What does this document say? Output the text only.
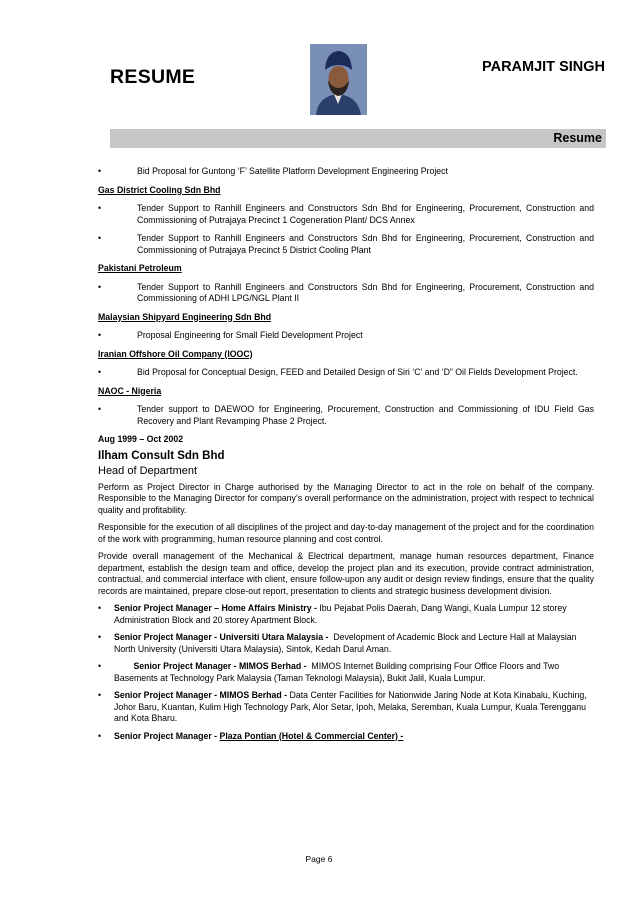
RESUME	PARAMJIT SINGH
Resume
•	Bid Proposal for Guntong ‘F’ Satellite Platform Development Engineering Project
Gas District Cooling Sdn Bhd
•	Tender Support to Ranhill Engineers and Constructors Sdn Bhd for Engineering, Procurement, Construction and Commissioning of Putrajaya Precinct 1 Cogeneration Plant/ DCS Annex
•	Tender Support to Ranhill Engineers and Constructors Sdn Bhd for Engineering, Procurement, Construction and Commissioning of Putrajaya Precinct 5 District Cooling Plant
Pakistani Petroleum
•	Tender Support to Ranhill Engineers and Constructors Sdn Bhd for Engineering, Procurement, Construction and Commissioning of ADHI LPG/NGL Plant II
Malaysian Shipyard Engineering Sdn Bhd
•	Proposal Engineering for Small Field Development Project
Iranian Offshore Oil Company (IOOC)
•	Bid Proposal for Conceptual Design, FEED and Detailed Design of Siri ‘C’ and ‘D” Oil Fields Development Project.
NAOC - Nigeria
•	Tender support to DAEWOO for Engineering, Procurement, Construction and Commissioning of IDU Field Gas Recovery and Plant Revamping Phase 2 Project.
Aug 1999 – Oct 2002
Ilham Consult Sdn Bhd
Head of Department
Perform as Project Director in Charge authorised by the Managing Director to act in the role on behalf of the company. Responsible to the Managing Director for company’s overall performance on the administration, project with respect to technical quality and profitability.
Responsible for the execution of all disciplines of the project and day-to-day management of the project and for the coordination of the work with programming, human resource planning and cost control.
Provide overall management of the Mechanical & Electrical department, manage human resources department, Finance department, establish the design team and office, develop the project plan and its execution, provide contract administration, contractual, and commercial interface with client, ensure follow-upon any audit or design review findings, ensure that the quality records are maintained, prepare close-out report, presentation to clients and strategic business development division.
•	Senior Project Manager – Home Affairs Ministry - Ibu Pejabat Polis Daerah, Dang Wangi, Kuala Lumpur 12 storey Administration Block and 20 storey Apartment Block.
•	Senior Project Manager - Universiti Utara Malaysia -  Development of Academic Block and Lecture Hall at Malaysian North University (Universiti Utara Malaysia), Sintok, Kedah Darul Aman.
•	Senior Project Manager - MIMOS Berhad -  MIMOS Internet Building comprising Four Office Floors and Two Basements at Technology Park Malaysia (Taman Teknologi Malaysia), Bukit Jalil, Kuala Lumpur.
•	Senior Project Manager - MIMOS Berhad - Data Center Facilities for Nationwide Jaring Node at Kota Kinabalu, Kuching, Johor Baru, Kuantan, Kulim High Technology Park, Alor Setar, Ipoh, Melaka, Seremban, Kuala Lumpur, Kuala Terengganu and Kota Bharu.
•	Senior Project Manager - Plaza Pontian (Hotel & Commercial Center) -
Page 6
